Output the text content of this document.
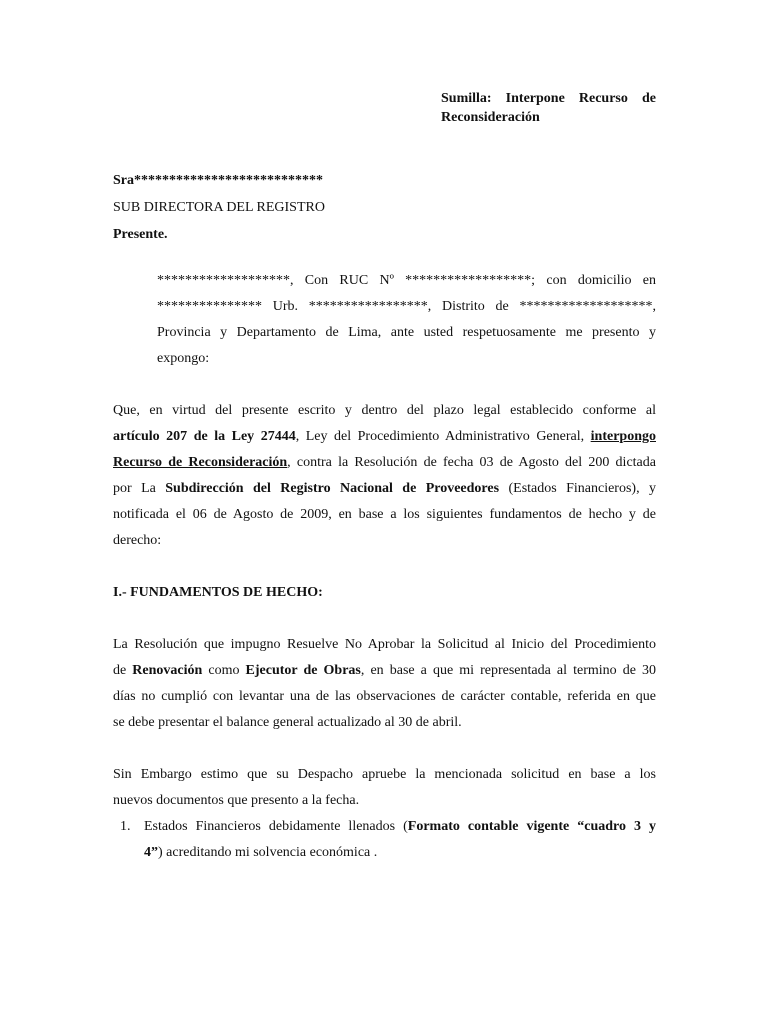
Sumilla: Interpone Recurso de
Reconsideración
Sra***************************
SUB DIRECTORA DEL REGISTRO
Presente.
*******************, Con RUC Nº ******************; con domicilio en
*************** Urb. *****************, Distrito de *******************,
Provincia y Departamento de Lima, ante usted respetuosamente me presento y
expongo:
Que, en virtud del presente escrito y dentro del plazo legal establecido conforme al
artículo 207 de la Ley 27444, Ley del Procedimiento Administrativo General, interpongo
Recurso de Reconsideración, contra la Resolución de fecha 03 de Agosto del 200 dictada
por La Subdirección del Registro Nacional de Proveedores (Estados Financieros), y
notificada el 06 de Agosto de 2009, en base a los siguientes fundamentos de hecho y de
derecho:
I.- FUNDAMENTOS DE HECHO:
La Resolución que impugno Resuelve No Aprobar la Solicitud al Inicio del Procedimiento
de Renovación como Ejecutor de Obras, en base a que mi representada al termino de 30
días no cumplió con levantar una de las observaciones de carácter contable, referida en que
se debe presentar el balance general actualizado al 30 de abril.
Sin Embargo estimo que su Despacho apruebe la mencionada solicitud en base a los
nuevos documentos que presento a la fecha.
1. Estados Financieros debidamente llenados (Formato contable vigente “cuadro 3 y
4”) acreditando mi solvencia económica .
